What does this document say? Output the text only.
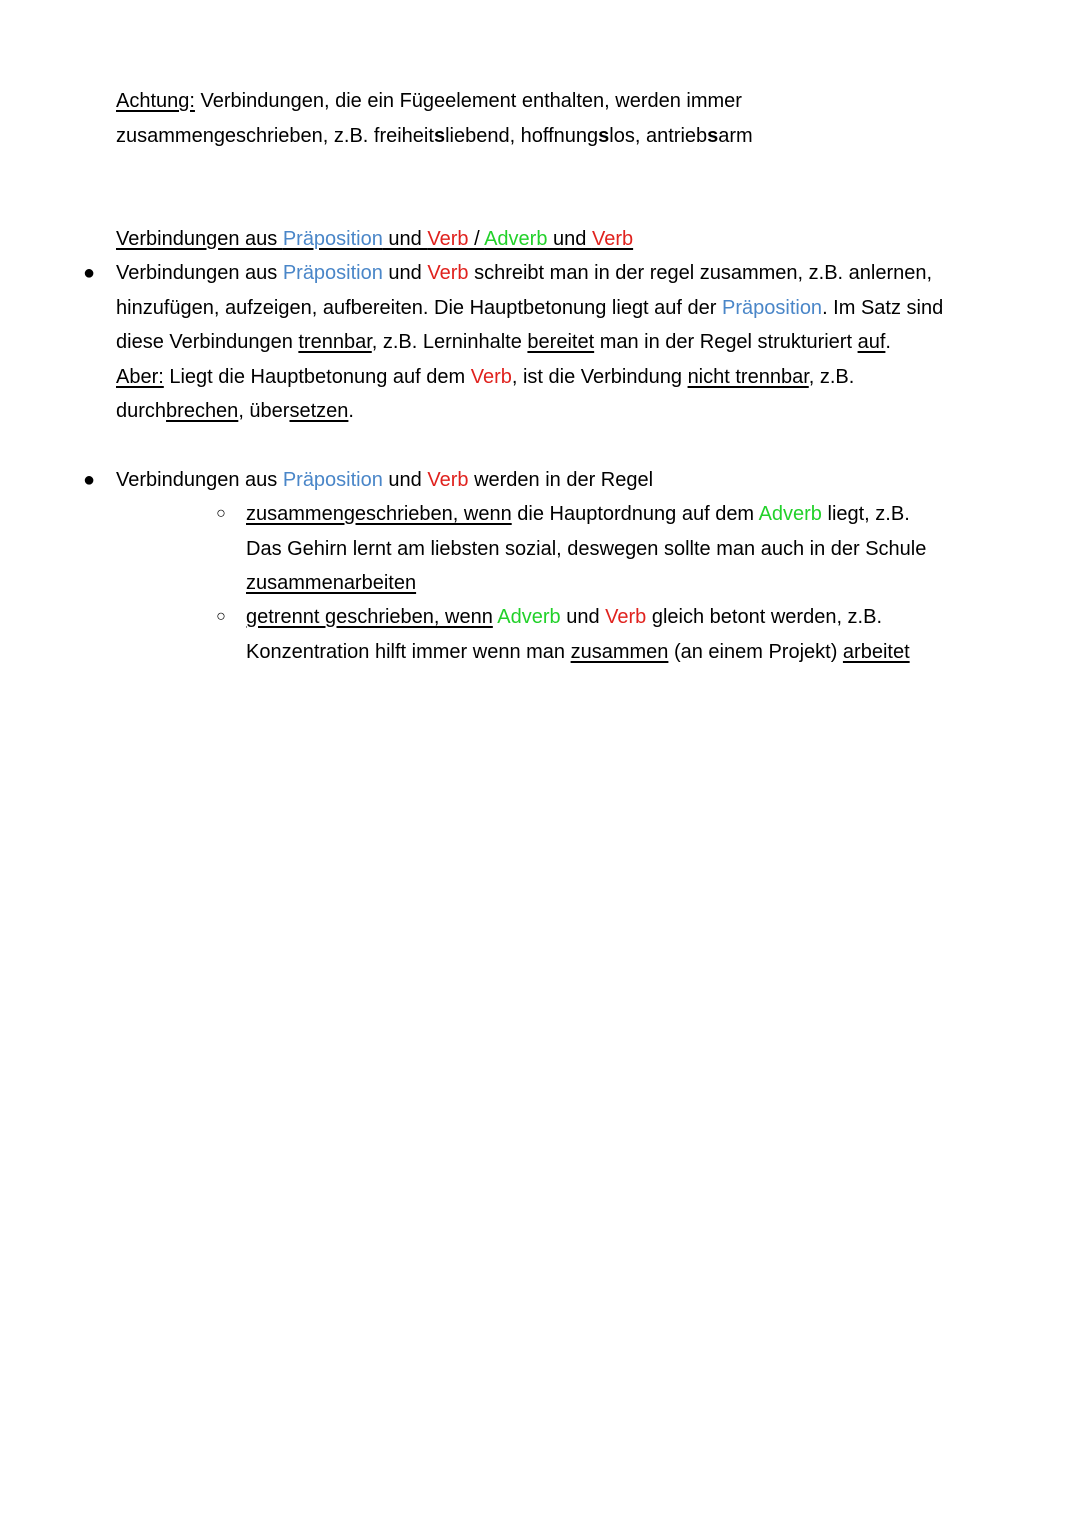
Achtung: Verbindungen, die ein Fügeelement enthalten, werden immer zusammengeschrieben, z.B. freiheitsliebend, hoffnungslos, antriebsarm
Verbindungen aus Präposition und Verb / Adverb und Verb
● Verbindungen aus Präposition und Verb schreibt man in der regel zusammen, z.B. anlernen, hinzufügen, aufzeigen, aufbereiten. Die Hauptbetonung liegt auf der Präposition. Im Satz sind diese Verbindungen trennbar, z.B. Lerninhalte bereitet man in der Regel strukturiert auf.
Aber: Liegt die Hauptbetonung auf dem Verb, ist die Verbindung nicht trennbar, z.B. durchbrechen, übersetzen.
● Verbindungen aus Präposition und Verb werden in der Regel
○ zusammengeschrieben, wenn die Hauptordnung auf dem Adverb liegt, z.B. Das Gehirn lernt am liebsten sozial, deswegen sollte man auch in der Schule zusammenarbeiten
○ getrennt geschrieben, wenn Adverb und Verb gleich betont werden, z.B. Konzentration hilft immer wenn man zusammen (an einem Projekt) arbeitet
